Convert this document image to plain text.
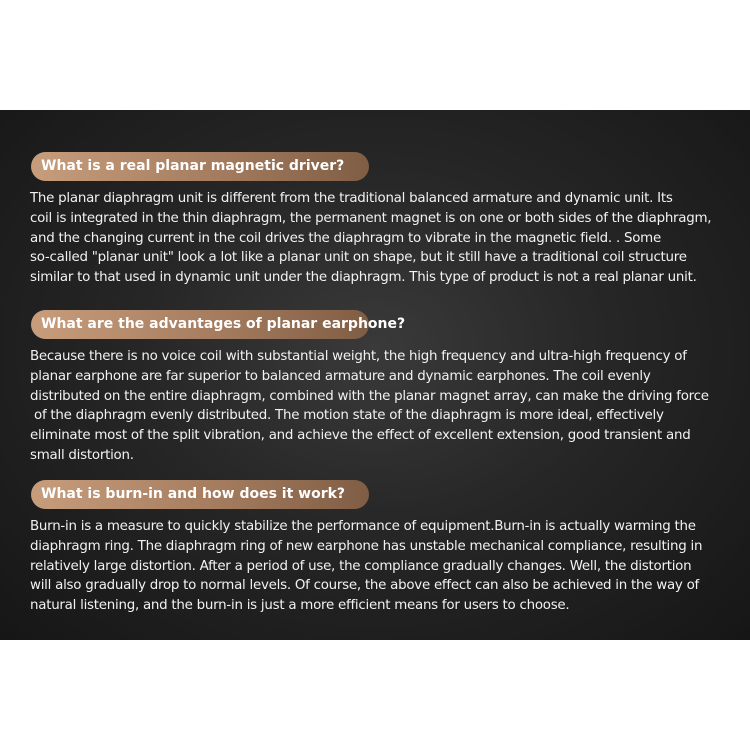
What is a real planar magnetic driver?
The planar diaphragm unit is different from the traditional balanced armature and dynamic unit. Its
coil is integrated in the thin diaphragm, the permanent magnet is on one or both sides of the diaphragm,
and the changing current in the coil drives the diaphragm to vibrate in the magnetic field. . Some
so-called "planar unit" look a lot like a planar unit on shape, but it still have a traditional coil structure
similar to that used in dynamic unit under the diaphragm. This type of product is not a real planar unit.
What are the advantages of planar earphone?
Because there is no voice coil with substantial weight, the high frequency and ultra-high frequency of
planar earphone are far superior to balanced armature and dynamic earphones. The coil evenly
distributed on the entire diaphragm, combined with the planar magnet array, can make the driving force
of the diaphragm evenly distributed. The motion state of the diaphragm is more ideal, effectively
eliminate most of the split vibration, and achieve the effect of excellent extension, good transient and
small distortion.
What is burn-in and how does it work?
Burn-in is a measure to quickly stabilize the performance of equipment.Burn-in is actually warming the
diaphragm ring. The diaphragm ring of new earphone has unstable mechanical compliance, resulting in
relatively large distortion. After a period of use, the compliance gradually changes. Well, the distortion
will also gradually drop to normal levels. Of course, the above effect can also be achieved in the way of
natural listening, and the burn-in is just a more efficient means for users to choose.
